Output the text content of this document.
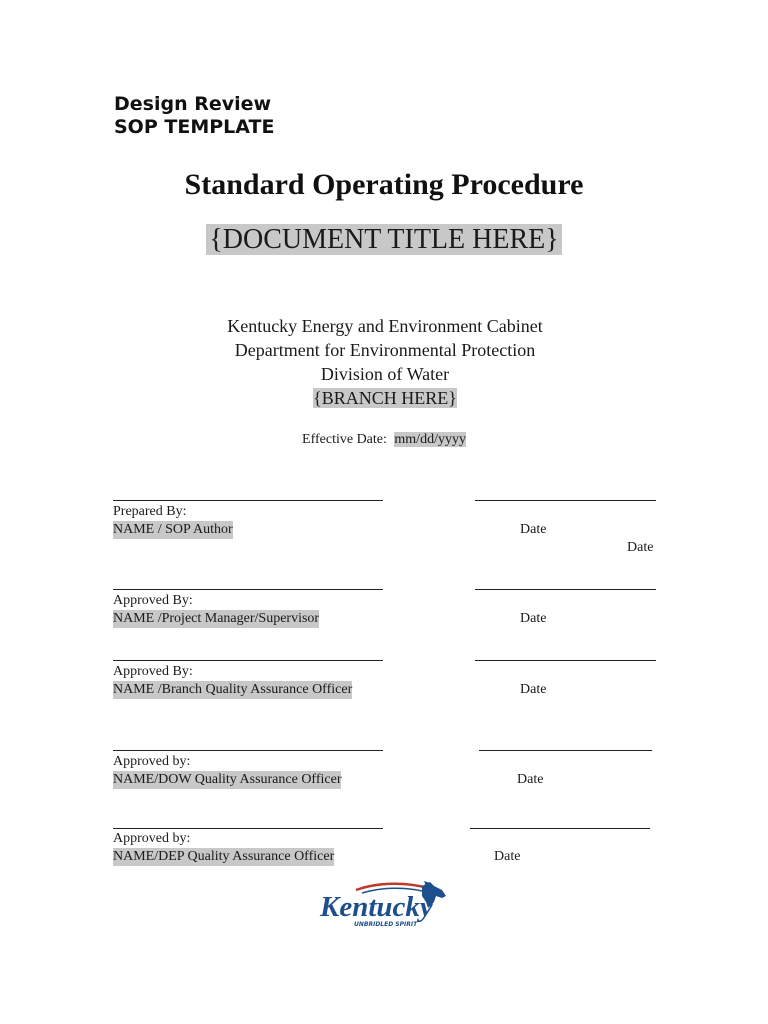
Design Review
SOP TEMPLATE
Standard Operating Procedure
{DOCUMENT TITLE HERE}
Kentucky Energy and Environment Cabinet
Department for Environmental Protection
Division of Water
{BRANCH HERE}
Effective Date: mm/dd/yyyy
Prepared By:
NAME / SOP Author	Date
Date
Approved By:
NAME /Project Manager/Supervisor	Date
Approved By:
NAME /Branch Quality Assurance Officer	Date
Approved by:
NAME/DOW Quality Assurance Officer	Date
Approved by:
NAME/DEP Quality Assurance Officer	Date
Kentucky
UNBRIDLED SPIRIT
